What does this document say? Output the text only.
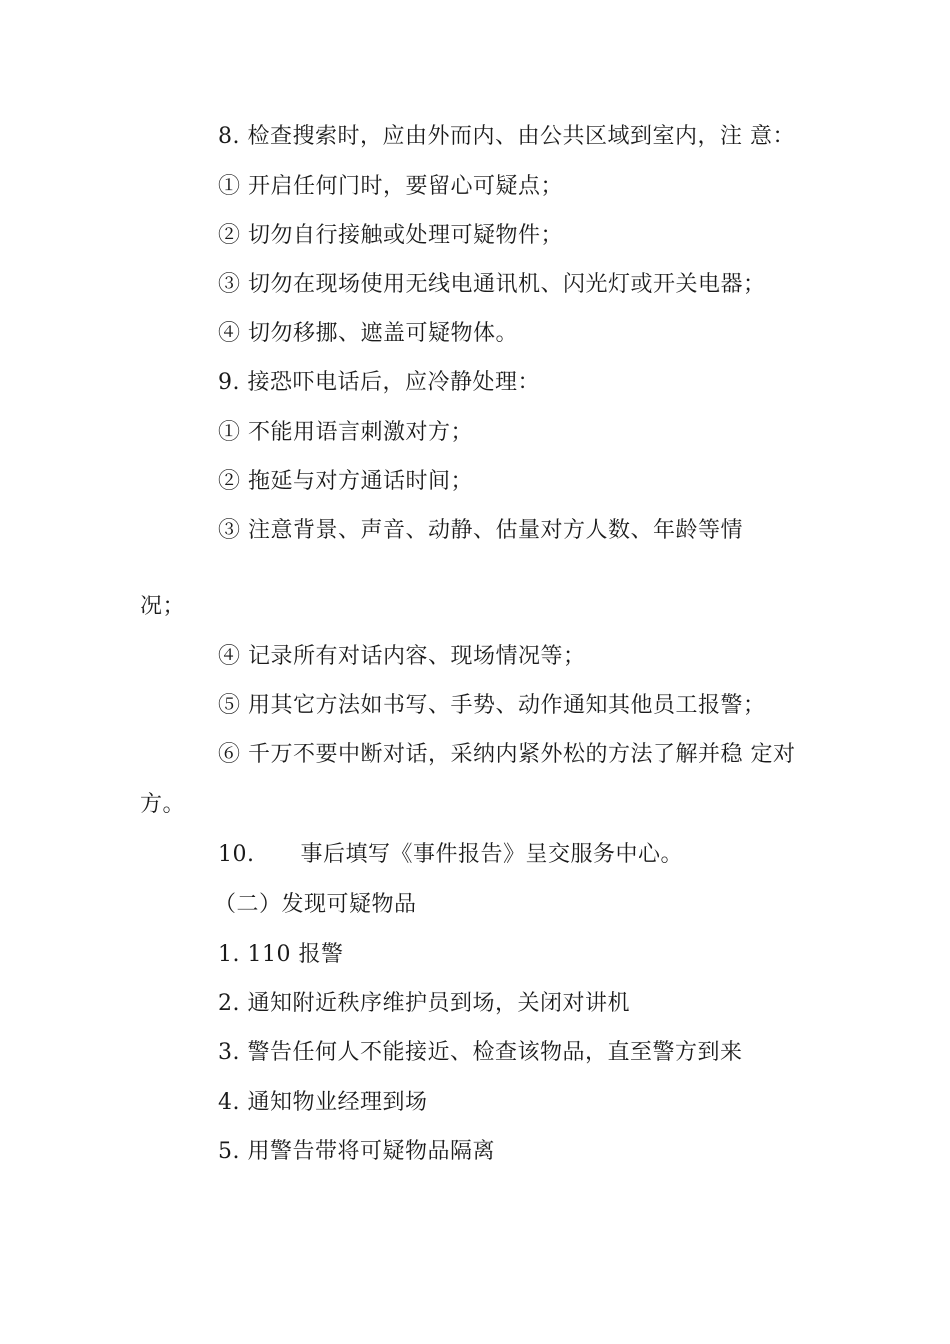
8. 检查搜索时，应由外而内、由公共区域到室内，注 意：
① 开启任何门时，要留心可疑点；
② 切勿自行接触或处理可疑物件；
③ 切勿在现场使用无线电通讯机、闪光灯或开关电器；
④ 切勿移挪、遮盖可疑物体。
9. 接恐吓电话后，应冷静处理：
① 不能用语言刺激对方；
② 拖延与对方通话时间；
③ 注意背景、声音、动静、估量对方人数、年龄等情
况；
④ 记录所有对话内容、现场情况等；
⑤ 用其它方法如书写、手势、动作通知其他员工报警；
⑥ 千万不要中断对话，采纳内紧外松的方法了解并稳 定对
方。
10. 事后填写《事件报告》呈交服务中心。
（二）发现可疑物品
1. 110 报警
2. 通知附近秩序维护员到场，关闭对讲机
3. 警告任何人不能接近、检查该物品，直至警方到来
4. 通知物业经理到场
5. 用警告带将可疑物品隔离
